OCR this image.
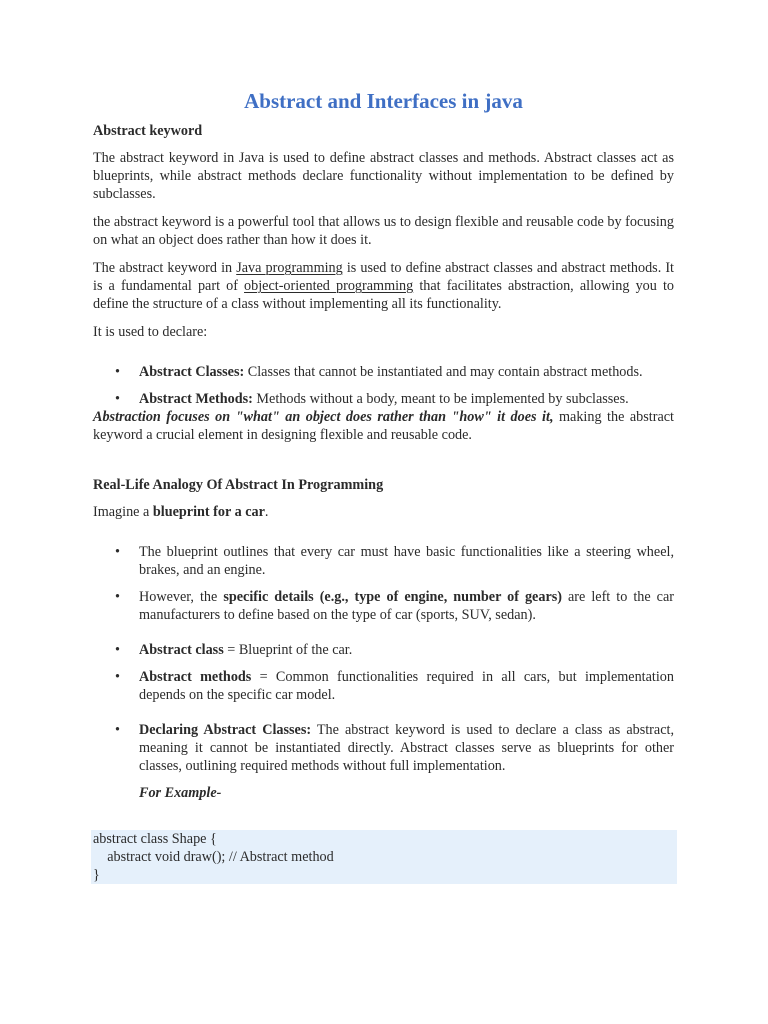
Abstract and Interfaces in java
Abstract keyword

The abstract keyword in Java is used to define abstract classes and methods. Abstract classes act as blueprints, while abstract methods declare functionality without implementation to be defined by subclasses.

the abstract keyword is a powerful tool that allows us to design flexible and reusable code by focusing on what an object does rather than how it does it.

The abstract keyword in Java programming is used to define abstract classes and abstract methods. It is a fundamental part of object-oriented programming that facilitates abstraction, allowing you to define the structure of a class without implementing all its functionality.

It is used to declare:

• Abstract Classes: Classes that cannot be instantiated and may contain abstract methods.
• Abstract Methods: Methods without a body, meant to be implemented by subclasses.

Abstraction focuses on "what" an object does rather than "how" it does it, making the abstract keyword a crucial element in designing flexible and reusable code.

Real-Life Analogy Of Abstract In Programming

Imagine a blueprint for a car.

• The blueprint outlines that every car must have basic functionalities like a steering wheel, brakes, and an engine.
• However, the specific details (e.g., type of engine, number of gears) are left to the car manufacturers to define based on the type of car (sports, SUV, sedan).
• Abstract class = Blueprint of the car.
• Abstract methods = Common functionalities required in all cars, but implementation depends on the specific car model.
• Declaring Abstract Classes: The abstract keyword is used to declare a class as abstract, meaning it cannot be instantiated directly. Abstract classes serve as blueprints for other classes, outlining required methods without full implementation.

For Example-

abstract class Shape {
abstract void draw(); // Abstract method
}
